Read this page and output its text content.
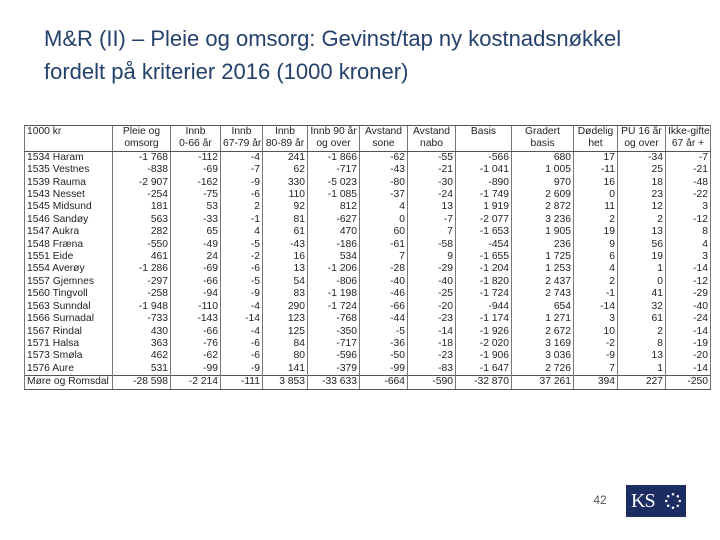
M&R (II) – Pleie og omsorg: Gevinst/tap ny kostnadsnøkkel fordelt på kriterier 2016 (1000 kroner)
1000 kr	Pleie og	Innb	Innb	Innb	Innb 90 år	Avstand	Avstand	Basis	Gradert	Dødelig	PU 16 år	Ikke-gifte
	omsorg	0-66 år	67-79 år	80-89 år	og over	sone	nabo		basis	het	og over	67 år +
1534 Haram	-1 768	-112	-4	241	-1 866	-62	-55	-566	680	17	-34	-7
1535 Vestnes	-838	-69	-7	62	-717	-43	-21	-1 041	1 005	-11	25	-21
1539 Rauma	-2 907	-162	-9	330	-5 023	-80	-30	-890	970	16	18	-48
1543 Nesset	-254	-75	-6	110	-1 085	-37	-24	-1 749	2 609	0	23	-22
1545 Midsund	181	53	2	92	812	4	13	1 919	2 872	11	12	3
1546 Sandøy	563	-33	-1	81	-627	0	-7	-2 077	3 236	2	2	-12
1547 Aukra	282	65	4	61	470	60	7	-1 653	1 905	19	13	8
1548 Fræna	-550	-49	-5	-43	-186	-61	-58	-454	236	9	56	4
1551 Eide	461	24	-2	16	534	7	9	-1 655	1 725	6	19	3
1554 Averøy	-1 286	-69	-6	13	-1 206	-28	-29	-1 204	1 253	4	1	-14
1557 Gjemnes	-297	-66	-5	54	-806	-40	-40	-1 820	2 437	2	0	-12
1560 Tingvoll	-258	-94	-9	83	-1 198	-46	-25	-1 724	2 743	-1	41	-29
1563 Sunndal	-1 948	-110	-4	290	-1 724	-66	-20	-944	654	-14	32	-40
1566 Surnadal	-733	-143	-14	123	-768	-44	-23	-1 174	1 271	3	61	-24
1567 Rindal	430	-66	-4	125	-350	-5	-14	-1 926	2 672	10	2	-14
1571 Halsa	363	-76	-6	84	-717	-36	-18	-2 020	3 169	-2	8	-19
1573 Smøla	462	-62	-6	80	-596	-50	-23	-1 906	3 036	-9	13	-20
1576 Aure	531	-99	-9	141	-379	-99	-83	-1 647	2 726	7	1	-14
Møre og Romsdal	-28 598	-2 214	-111	3 853	-33 633	-664	-590	-32 870	37 261	394	227	-250
42 KS
